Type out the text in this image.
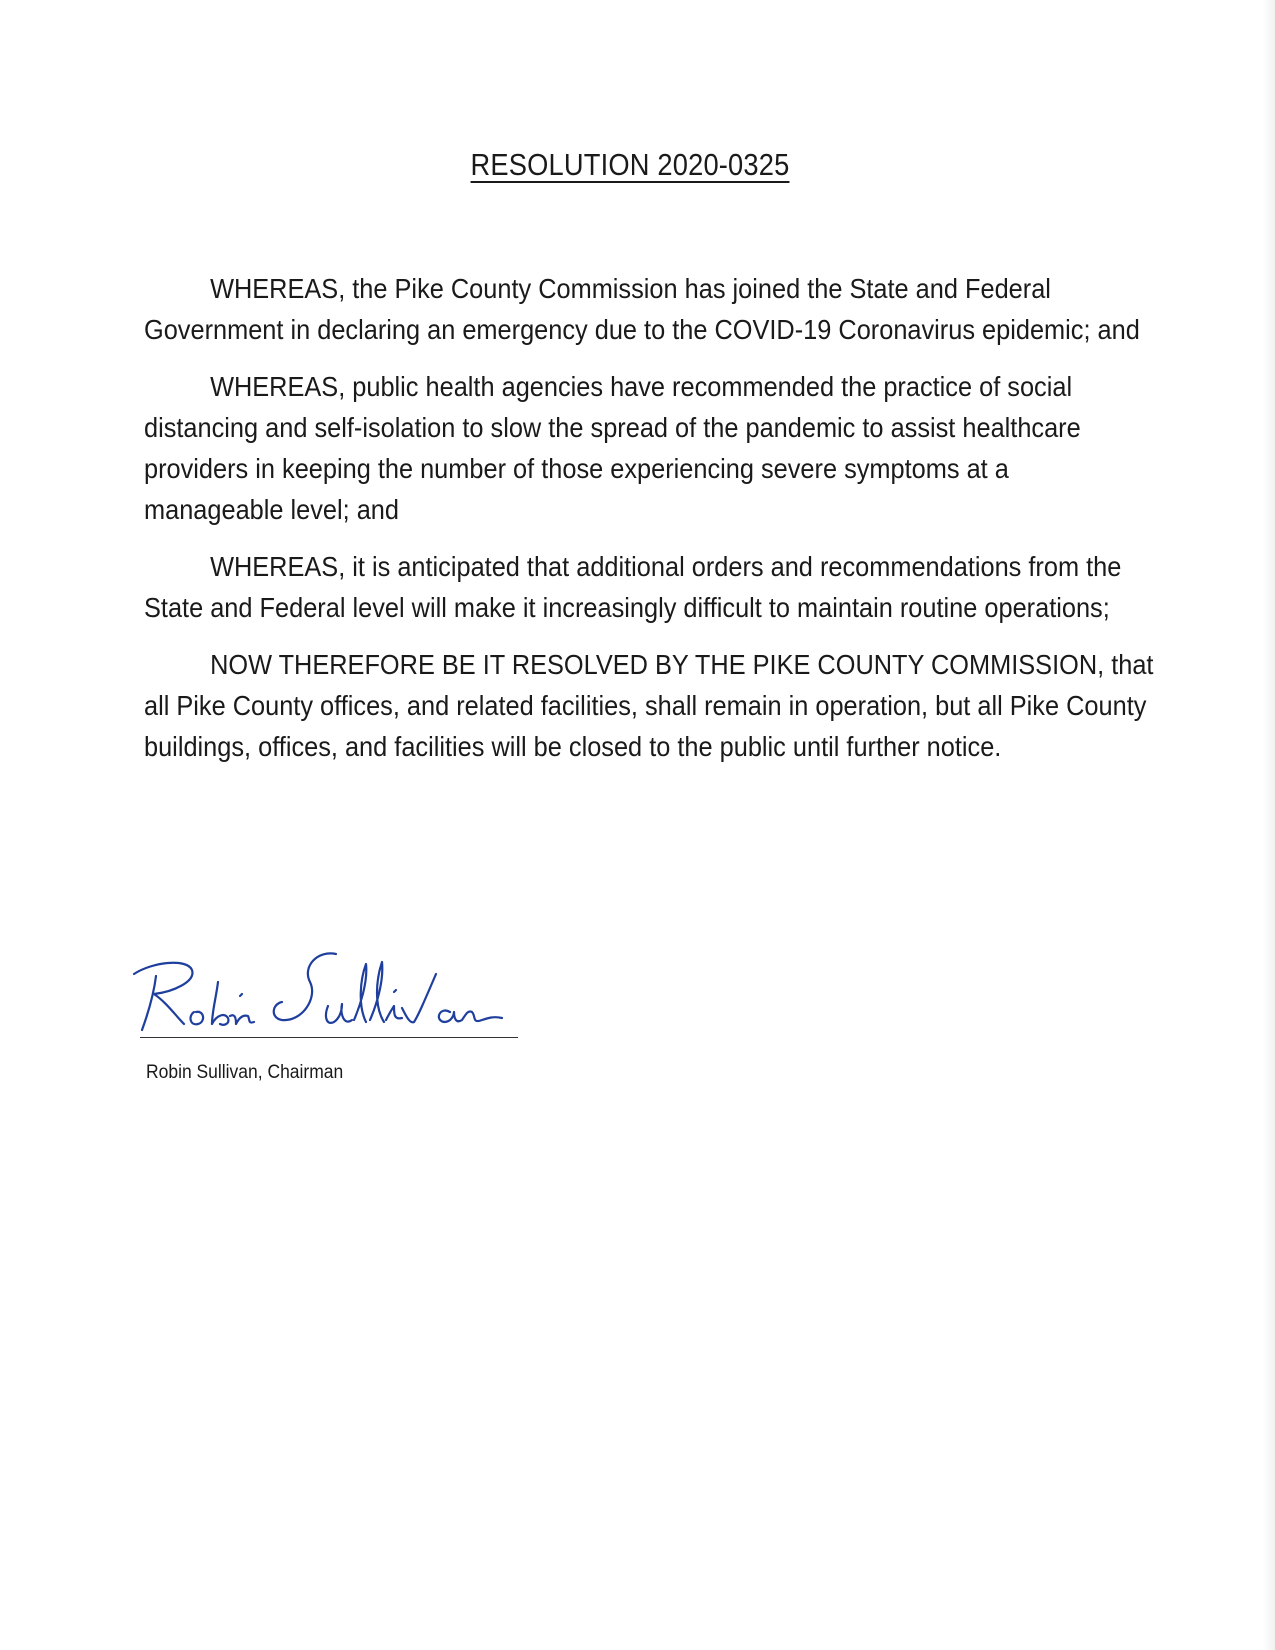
RESOLUTION 2020-0325

WHEREAS, the Pike County Commission has joined the State and Federal Government in declaring an emergency due to the COVID-19 Coronavirus epidemic; and

WHEREAS, public health agencies have recommended the practice of social distancing and self-isolation to slow the spread of the pandemic to assist healthcare providers in keeping the number of those experiencing severe symptoms at a manageable level; and

WHEREAS, it is anticipated that additional orders and recommendations from the State and Federal level will make it increasingly difficult to maintain routine operations;

NOW THEREFORE BE IT RESOLVED BY THE PIKE COUNTY COMMISSION, that all Pike County offices, and related facilities, shall remain in operation, but all Pike County buildings, offices, and facilities will be closed to the public until further notice.

Robin Sullivan, Chairman
